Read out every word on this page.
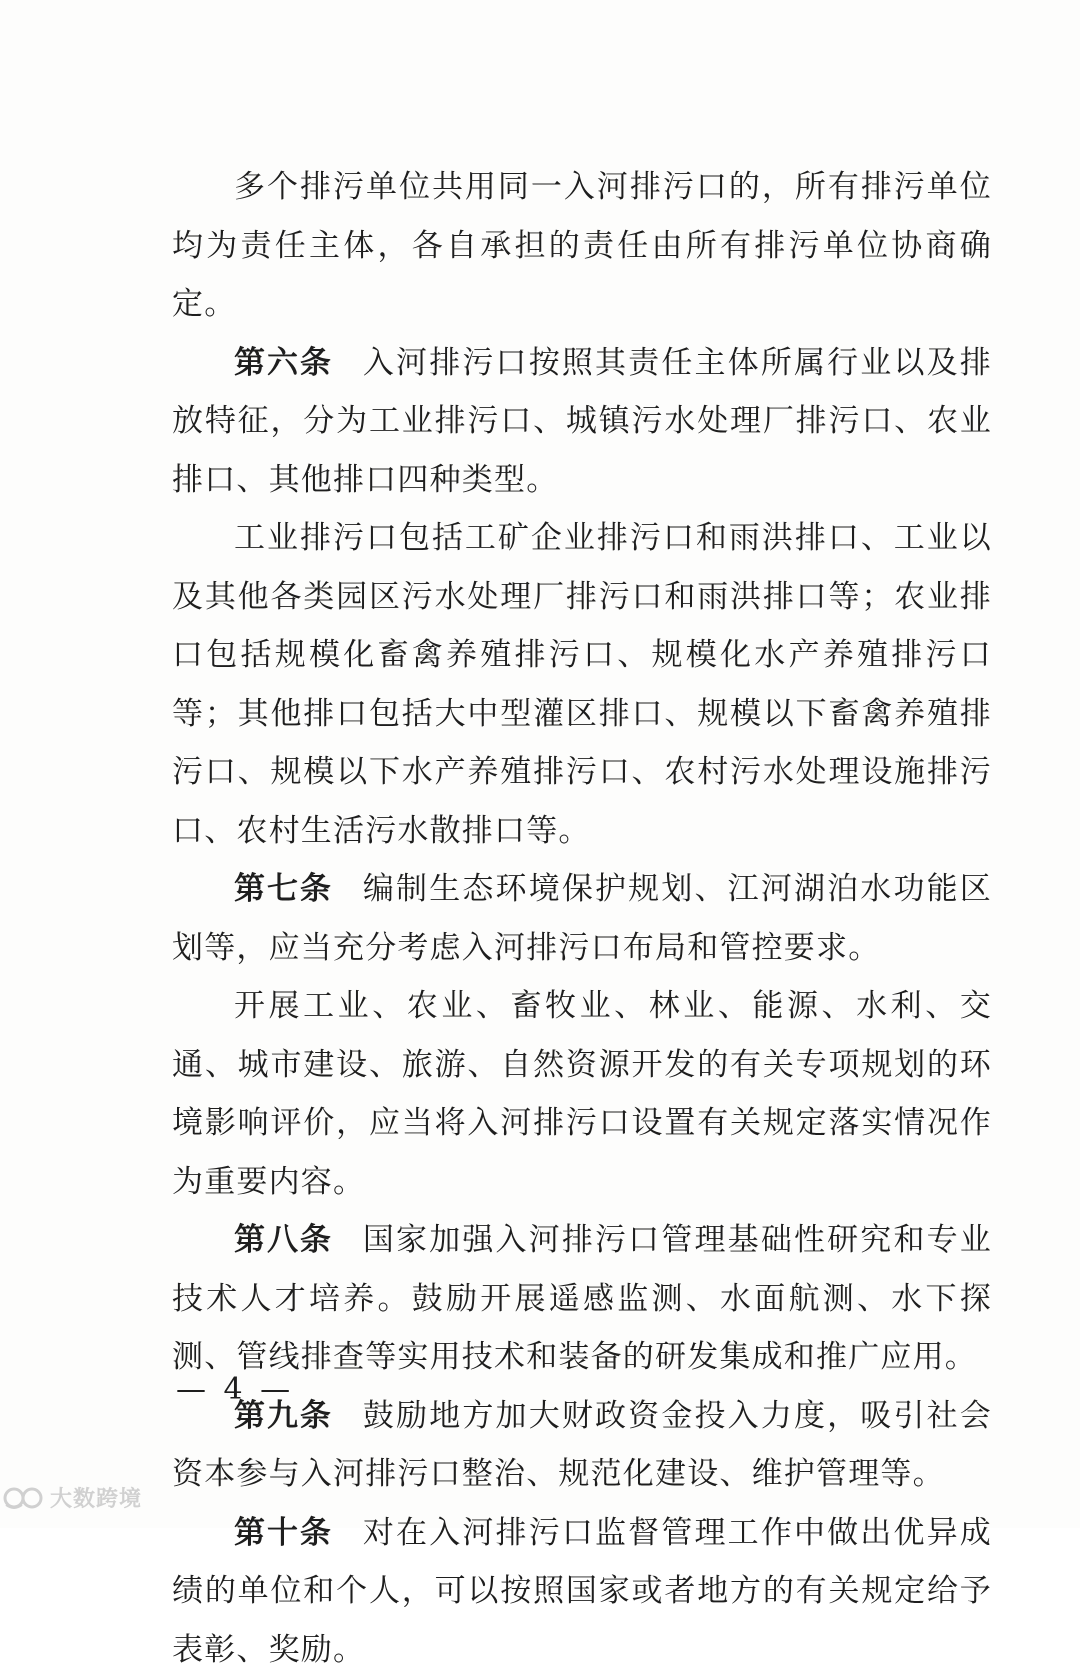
多个排污单位共用同一入河排污口的，所有排污单位均为责任主体，各自承担的责任由所有排污单位协商确定。

第六条 入河排污口按照其责任主体所属行业以及排放特征，分为工业排污口、城镇污水处理厂排污口、农业排口、其他排口四种类型。

工业排污口包括工矿企业排污口和雨洪排口、工业以及其他各类园区污水处理厂排污口和雨洪排口等；农业排口包括规模化畜禽养殖排污口、规模化水产养殖排污口等；其他排口包括大中型灌区排口、规模以下畜禽养殖排污口、规模以下水产养殖排污口、农村污水处理设施排污口、农村生活污水散排口等。

第七条 编制生态环境保护规划、江河湖泊水功能区划等，应当充分考虑入河排污口布局和管控要求。

开展工业、农业、畜牧业、林业、能源、水利、交通、城市建设、旅游、自然资源开发的有关专项规划的环境影响评价，应当将入河排污口设置有关规定落实情况作为重要内容。

第八条 国家加强入河排污口管理基础性研究和专业技术人才培养。鼓励开展遥感监测、水面航测、水下探测、管线排查等实用技术和装备的研发集成和推广应用。

第九条 鼓励地方加大财政资金投入力度，吸引社会资本参与入河排污口整治、规范化建设、维护管理等。

第十条 对在入河排污口监督管理工作中做出优异成绩的单位和个人，可以按照国家或者地方的有关规定给予表彰、奖励。

— 4 —
大数跨境
